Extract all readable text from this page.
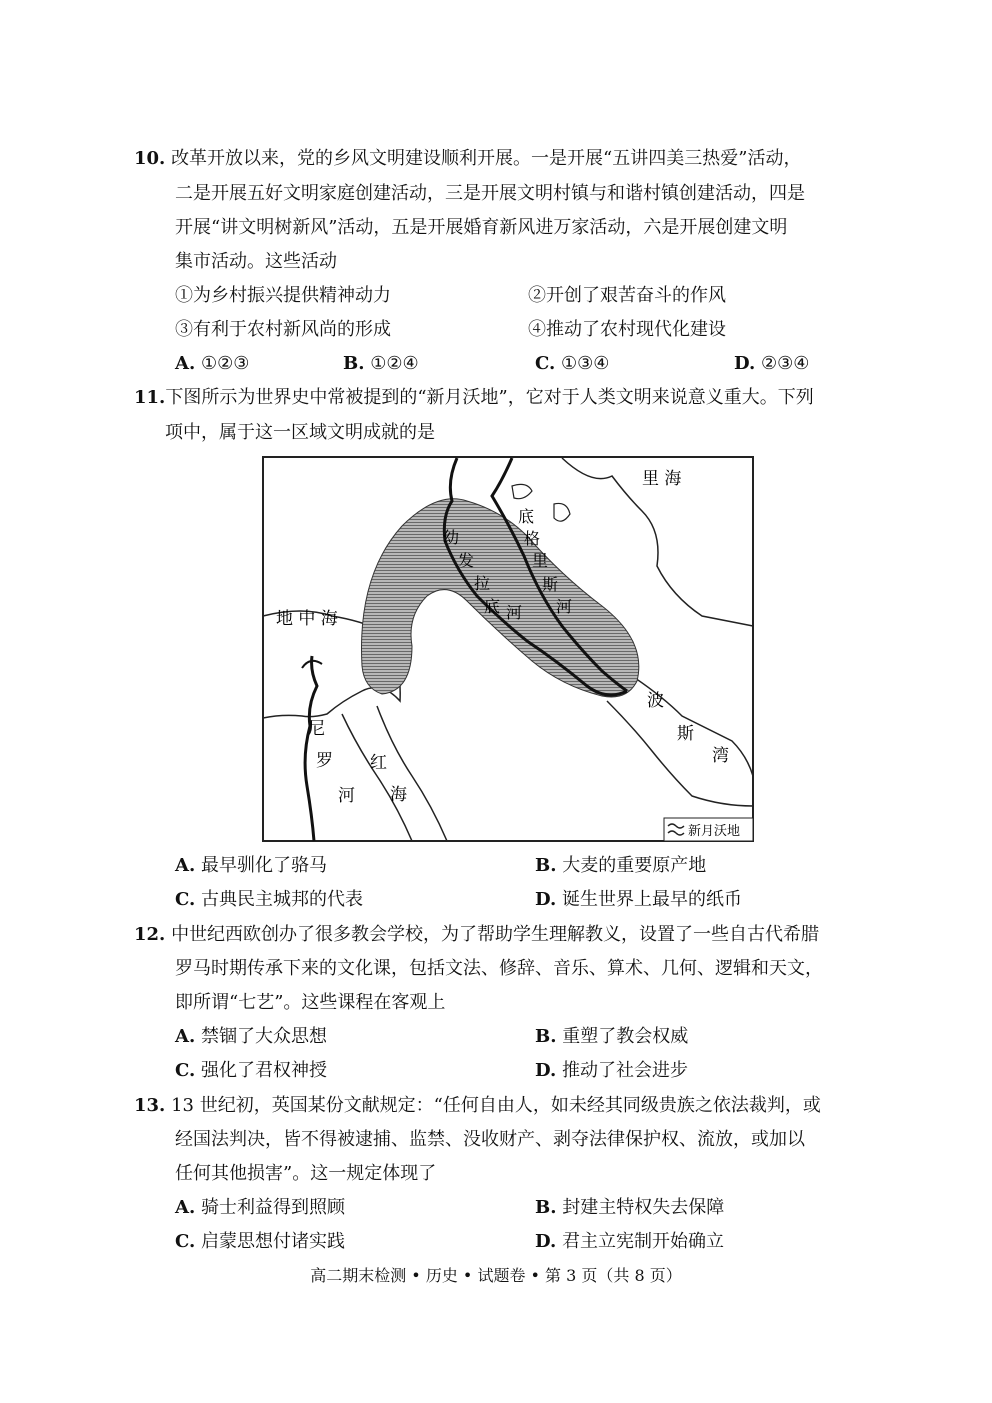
10. 改革开放以来，党的乡风文明建设顺利开展。一是开展“五讲四美三热爱”活动，
二是开展五好文明家庭创建活动，三是开展文明村镇与和谐村镇创建活动，四是
开展“讲文明树新风”活动，五是开展婚育新风进万家活动，六是开展创建文明
集市活动。这些活动
①为乡村振兴提供精神动力	②开创了艰苦奋斗的作风
③有利于农村新风尚的形成	④推动了农村现代化建设
A. ①②③	B. ①②④	C. ①③④	D. ②③④
11.下图所示为世界史中常被提到的“新月沃地”，它对于人类文明来说意义重大。下列
项中，属于这一区域文明成就的是
里 海
地 中 海
幼
发
拉
底 河
底
格
里
斯
河
波
斯
湾
尼
罗
河
红
海
新月沃地
A. 最早驯化了骆马	B. 大麦的重要原产地
C. 古典民主城邦的代表	D. 诞生世界上最早的纸币
12. 中世纪西欧创办了很多教会学校，为了帮助学生理解教义，设置了一些自古代希腊
罗马时期传承下来的文化课，包括文法、修辞、音乐、算术、几何、逻辑和天文，
即所谓“七艺”。这些课程在客观上
A. 禁锢了大众思想	B. 重塑了教会权威
C. 强化了君权神授	D. 推动了社会进步
13. 13 世纪初，英国某份文献规定：“任何自由人，如未经其同级贵族之依法裁判，或
经国法判决，皆不得被逮捕、监禁、没收财产、剥夺法律保护权、流放，或加以
任何其他损害”。这一规定体现了
A. 骑士利益得到照顾	B. 封建主特权失去保障
C. 启蒙思想付诸实践	D. 君主立宪制开始确立
高二期末检测 • 历史 • 试题卷 • 第 3 页（共 8 页）
